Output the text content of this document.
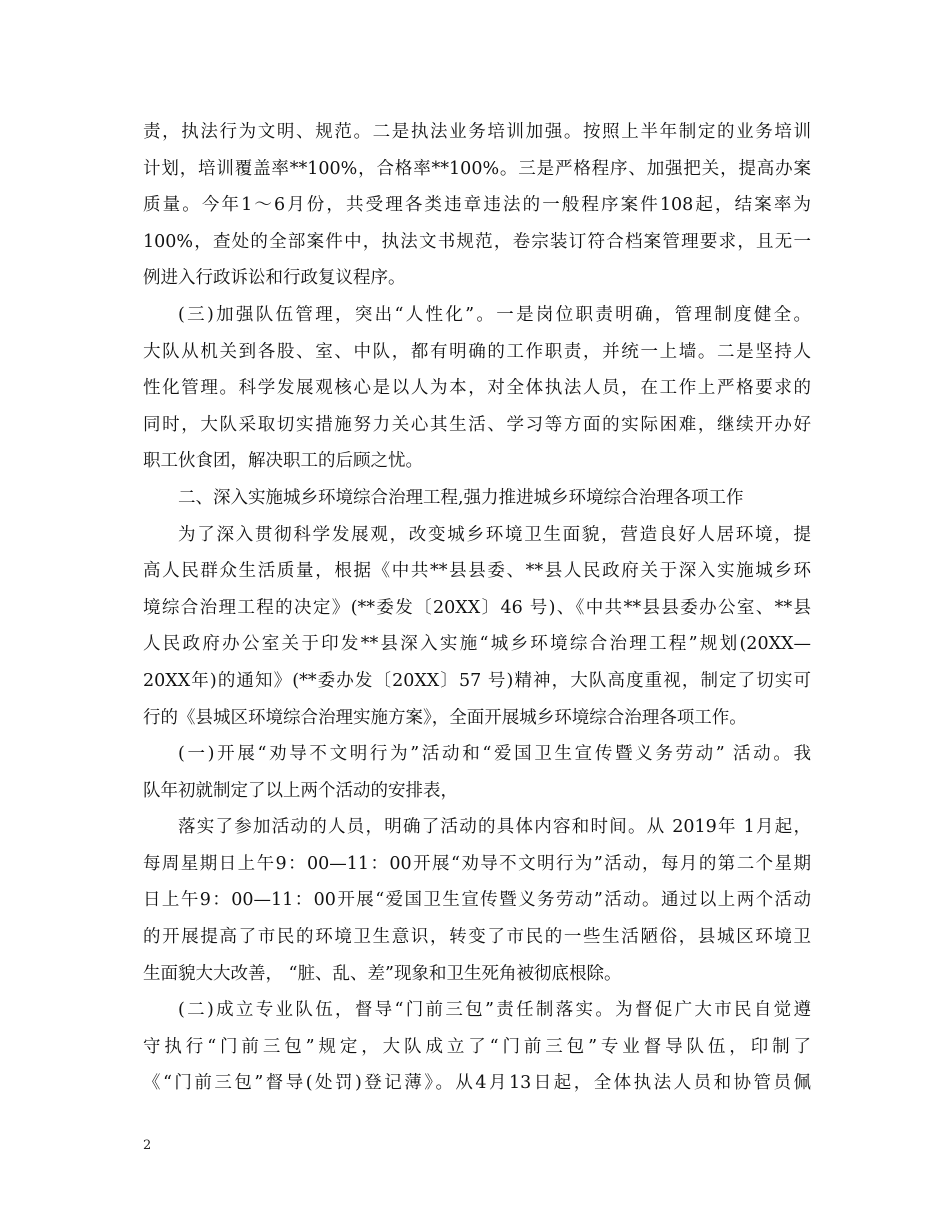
责，执法行为文明、规范。二是执法业务培训加强。按照上半年制定的业务培训
计划，培训覆盖率**100%，合格率**100%。三是严格程序、加强把关，提高办案
质量。今年1～6月份，共受理各类违章违法的一般程序案件108起，结案率为
100%，查处的全部案件中，执法文书规范，卷宗装订符合档案管理要求，且无一
例进入行政诉讼和行政复议程序。
(三)加强队伍管理，突出“人性化”。一是岗位职责明确，管理制度健全。
大队从机关到各股、室、中队，都有明确的工作职责，并统一上墙。二是坚持人
性化管理。科学发展观核心是以人为本，对全体执法人员，在工作上严格要求的
同时，大队采取切实措施努力关心其生活、学习等方面的实际困难，继续开办好
职工伙食团，解决职工的后顾之忧。
二、深入实施城乡环境综合治理工程,强力推进城乡环境综合治理各项工作
为了深入贯彻科学发展观，改变城乡环境卫生面貌，营造良好人居环境，提
高人民群众生活质量，根据《中共**县县委、**县人民政府关于深入实施城乡环
境综合治理工程的决定》(**委发〔20XX〕46 号)、《中共**县县委办公室、**县
人民政府办公室关于印发**县深入实施“城乡环境综合治理工程”规划(20XX—
20XX年)的通知》(**委办发〔20XX〕57 号)精神，大队高度重视，制定了切实可
行的《县城区环境综合治理实施方案》，全面开展城乡环境综合治理各项工作。
(一)开展“劝导不文明行为”活动和“爱国卫生宣传暨义务劳动” 活动。我
队年初就制定了以上两个活动的安排表，
落实了参加活动的人员，明确了活动的具体内容和时间。从 2019年 1月起，
每周星期日上午9：00—11：00开展“劝导不文明行为”活动，每月的第二个星期
日上午9：00—11：00开展“爱国卫生宣传暨义务劳动”活动。通过以上两个活动
的开展提高了市民的环境卫生意识，转变了市民的一些生活陋俗，县城区环境卫
生面貌大大改善， “脏、乱、差”现象和卫生死角被彻底根除。
(二)成立专业队伍，督导“门前三包”责任制落实。为督促广大市民自觉遵
守执行“门前三包”规定，大队成立了“门前三包”专业督导队伍，印制了
《“门前三包”督导(处罚)登记薄》。从4月13日起，全体执法人员和协管员佩
2
